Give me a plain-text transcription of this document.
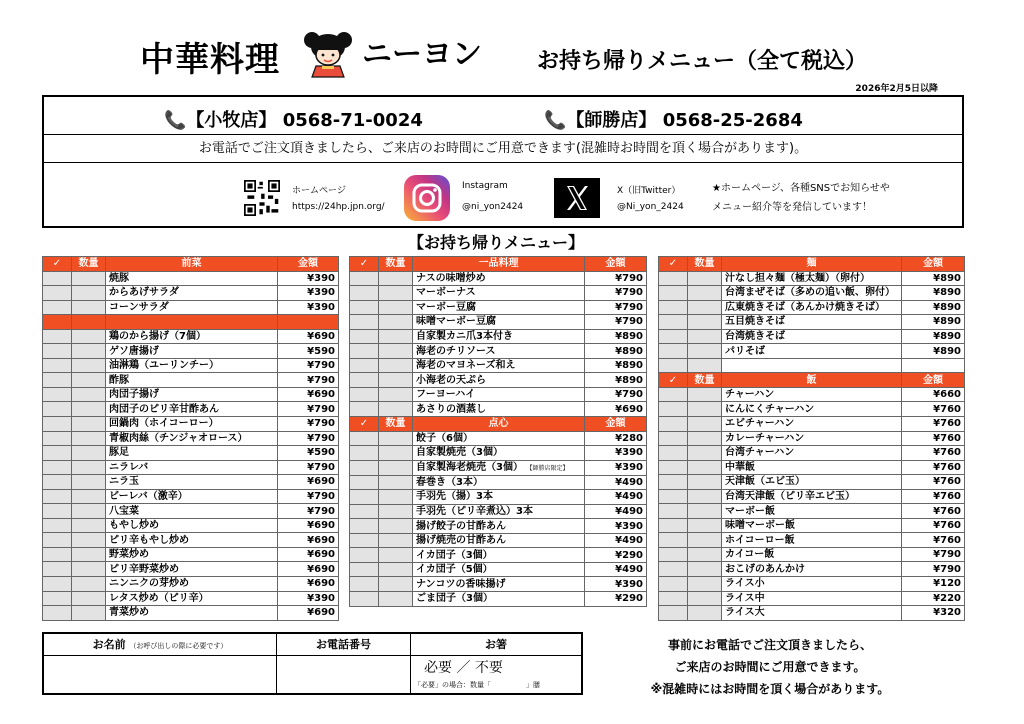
中華料理	ニーヨン	お持ち帰りメニュー（全て税込）
2026年2月5日以降
📞【小牧店】 0568-71-0024	📞【師勝店】 0568-25-2684
お電話でご注文頂きましたら、ご来店のお時間にご用意できます(混雑時お時間を頂く場合があります)。
ホームページ
https://24hp.jpn.org/
Instagram
@ni_yon2424
X（旧Twitter）
@Ni_yon_2424
★ホームページ、各種SNSでお知らせや
メニュー紹介等を発信しています！
【お持ち帰りメニュー】
✓	数量	前菜	金額
		焼豚	¥390
		からあげサラダ	¥390
		コーンサラダ	¥390

		鶏のから揚げ（7個）	¥690
		ゲソ唐揚げ	¥590
		油淋鶏（ユーリンチー）	¥790
		酢豚	¥790
		肉団子揚げ	¥690
		肉団子のピリ辛甘酢あん	¥790
		回鍋肉（ホイコーロー）	¥790
		青椒肉絲（チンジャオロース）	¥790
		豚足	¥590
		ニラレバ	¥790
		ニラ玉	¥690
		ビーレバ（激辛）	¥790
		八宝菜	¥790
		もやし炒め	¥690
		ピリ辛もやし炒め	¥690
		野菜炒め	¥690
		ピリ辛野菜炒め	¥690
		ニンニクの芽炒め	¥690
		レタス炒め（ピリ辛）	¥390
		青菜炒め	¥690
✓	数量	一品料理	金額
		ナスの味噌炒め	¥790
		マーボーナス	¥790
		マーボー豆腐	¥790
		味噌マーボー豆腐	¥790
		自家製カニ爪3本付き	¥890
		海老のチリソース	¥890
		海老のマヨネーズ和え	¥890
		小海老の天ぷら	¥890
		フーヨーハイ	¥790
		あさりの酒蒸し	¥690
✓	数量	点心	金額
		餃子（6個）	¥280
		自家製焼売（3個）	¥390
		自家製海老焼売（3個） 【師勝店限定】	¥390
		春巻き（3本）	¥490
		手羽先（揚）3本	¥490
		手羽先（ピリ辛煮込）3本	¥490
		揚げ餃子の甘酢あん	¥390
		揚げ焼売の甘酢あん	¥490
		イカ団子（3個）	¥290
		イカ団子（5個）	¥490
		ナンコツの香味揚げ	¥390
		ごま団子（3個）	¥290
✓	数量	麺	金額
		汁なし担々麺（極太麺）（卵付）	¥890
		台湾まぜそば（多めの追い飯、卵付）	¥890
		広東焼きそば（あんかけ焼きそば）	¥890
		五目焼きそば	¥890
		台湾焼きそば	¥890
		パリそば	¥890

✓	数量	飯	金額
		チャーハン	¥660
		にんにくチャーハン	¥760
		エビチャーハン	¥760
		カレーチャーハン	¥760
		台湾チャーハン	¥760
		中華飯	¥760
		天津飯（エビ玉）	¥760
		台湾天津飯（ピリ辛エビ玉）	¥760
		マーボー飯	¥760
		味噌マーボー飯	¥760
		ホイコーロー飯	¥760
		カイコー飯	¥790
		おこげのあんかけ	¥790
		ライス小	¥120
		ライス中	¥220
		ライス大	¥320
お名前 （お呼び出しの際に必要です）	お電話番号	お箸
必要 ／ 不要
「必要」の場合：数量「　　　　　」膳
事前にお電話でご注文頂きましたら、
ご来店のお時間にご用意できます。
※混雑時にはお時間を頂く場合があります。
